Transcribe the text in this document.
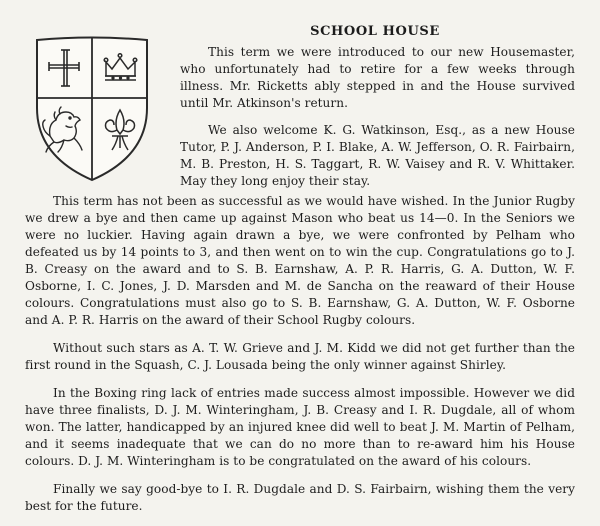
SCHOOL HOUSE

This term we were introduced to our new Housemaster, who unfortunately had to retire for a few weeks through illness. Mr. Ricketts ably stepped in and the House survived until Mr. Atkinson's return.

We also welcome K. G. Watkinson, Esq., as a new House Tutor, P. J. Anderson, P. I. Blake, A. W. Jefferson, O. R. Fairbairn, M. B. Preston, H. S. Taggart, R. W. Vaisey and R. V. Whittaker. May they long enjoy their stay.

This term has not been as successful as we would have wished. In the Junior Rugby we drew a bye and then came up against Mason who beat us 14—0. In the Seniors we were no luckier. Having again drawn a bye, we were confronted by Pelham who defeated us by 14 points to 3, and then went on to win the cup. Congratulations go to J. B. Creasy on the award and to S. B. Earnshaw, A. P. R. Harris, G. A. Dutton, W. F. Osborne, I. C. Jones, J. D. Marsden and M. de Sancha on the reaward of their House colours. Congratulations must also go to S. B. Earnshaw, G. A. Dutton, W. F. Osborne and A. P. R. Harris on the award of their School Rugby colours.

Without such stars as A. T. W. Grieve and J. M. Kidd we did not get further than the first round in the Squash, C. J. Lousada being the only winner against Shirley.

In the Boxing ring lack of entries made success almost impossible. However we did have three finalists, D. J. M. Winteringham, J. B. Creasy and I. R. Dugdale, all of whom won. The latter, handicapped by an injured knee did well to beat J. M. Martin of Pelham, and it seems inadequate that we can do no more than to re-award him his House colours. D. J. M. Winteringham is to be congratulated on the award of his colours.

Finally we say good-bye to I. R. Dugdale and D. S. Fairbairn, wishing them the very best for the future.
